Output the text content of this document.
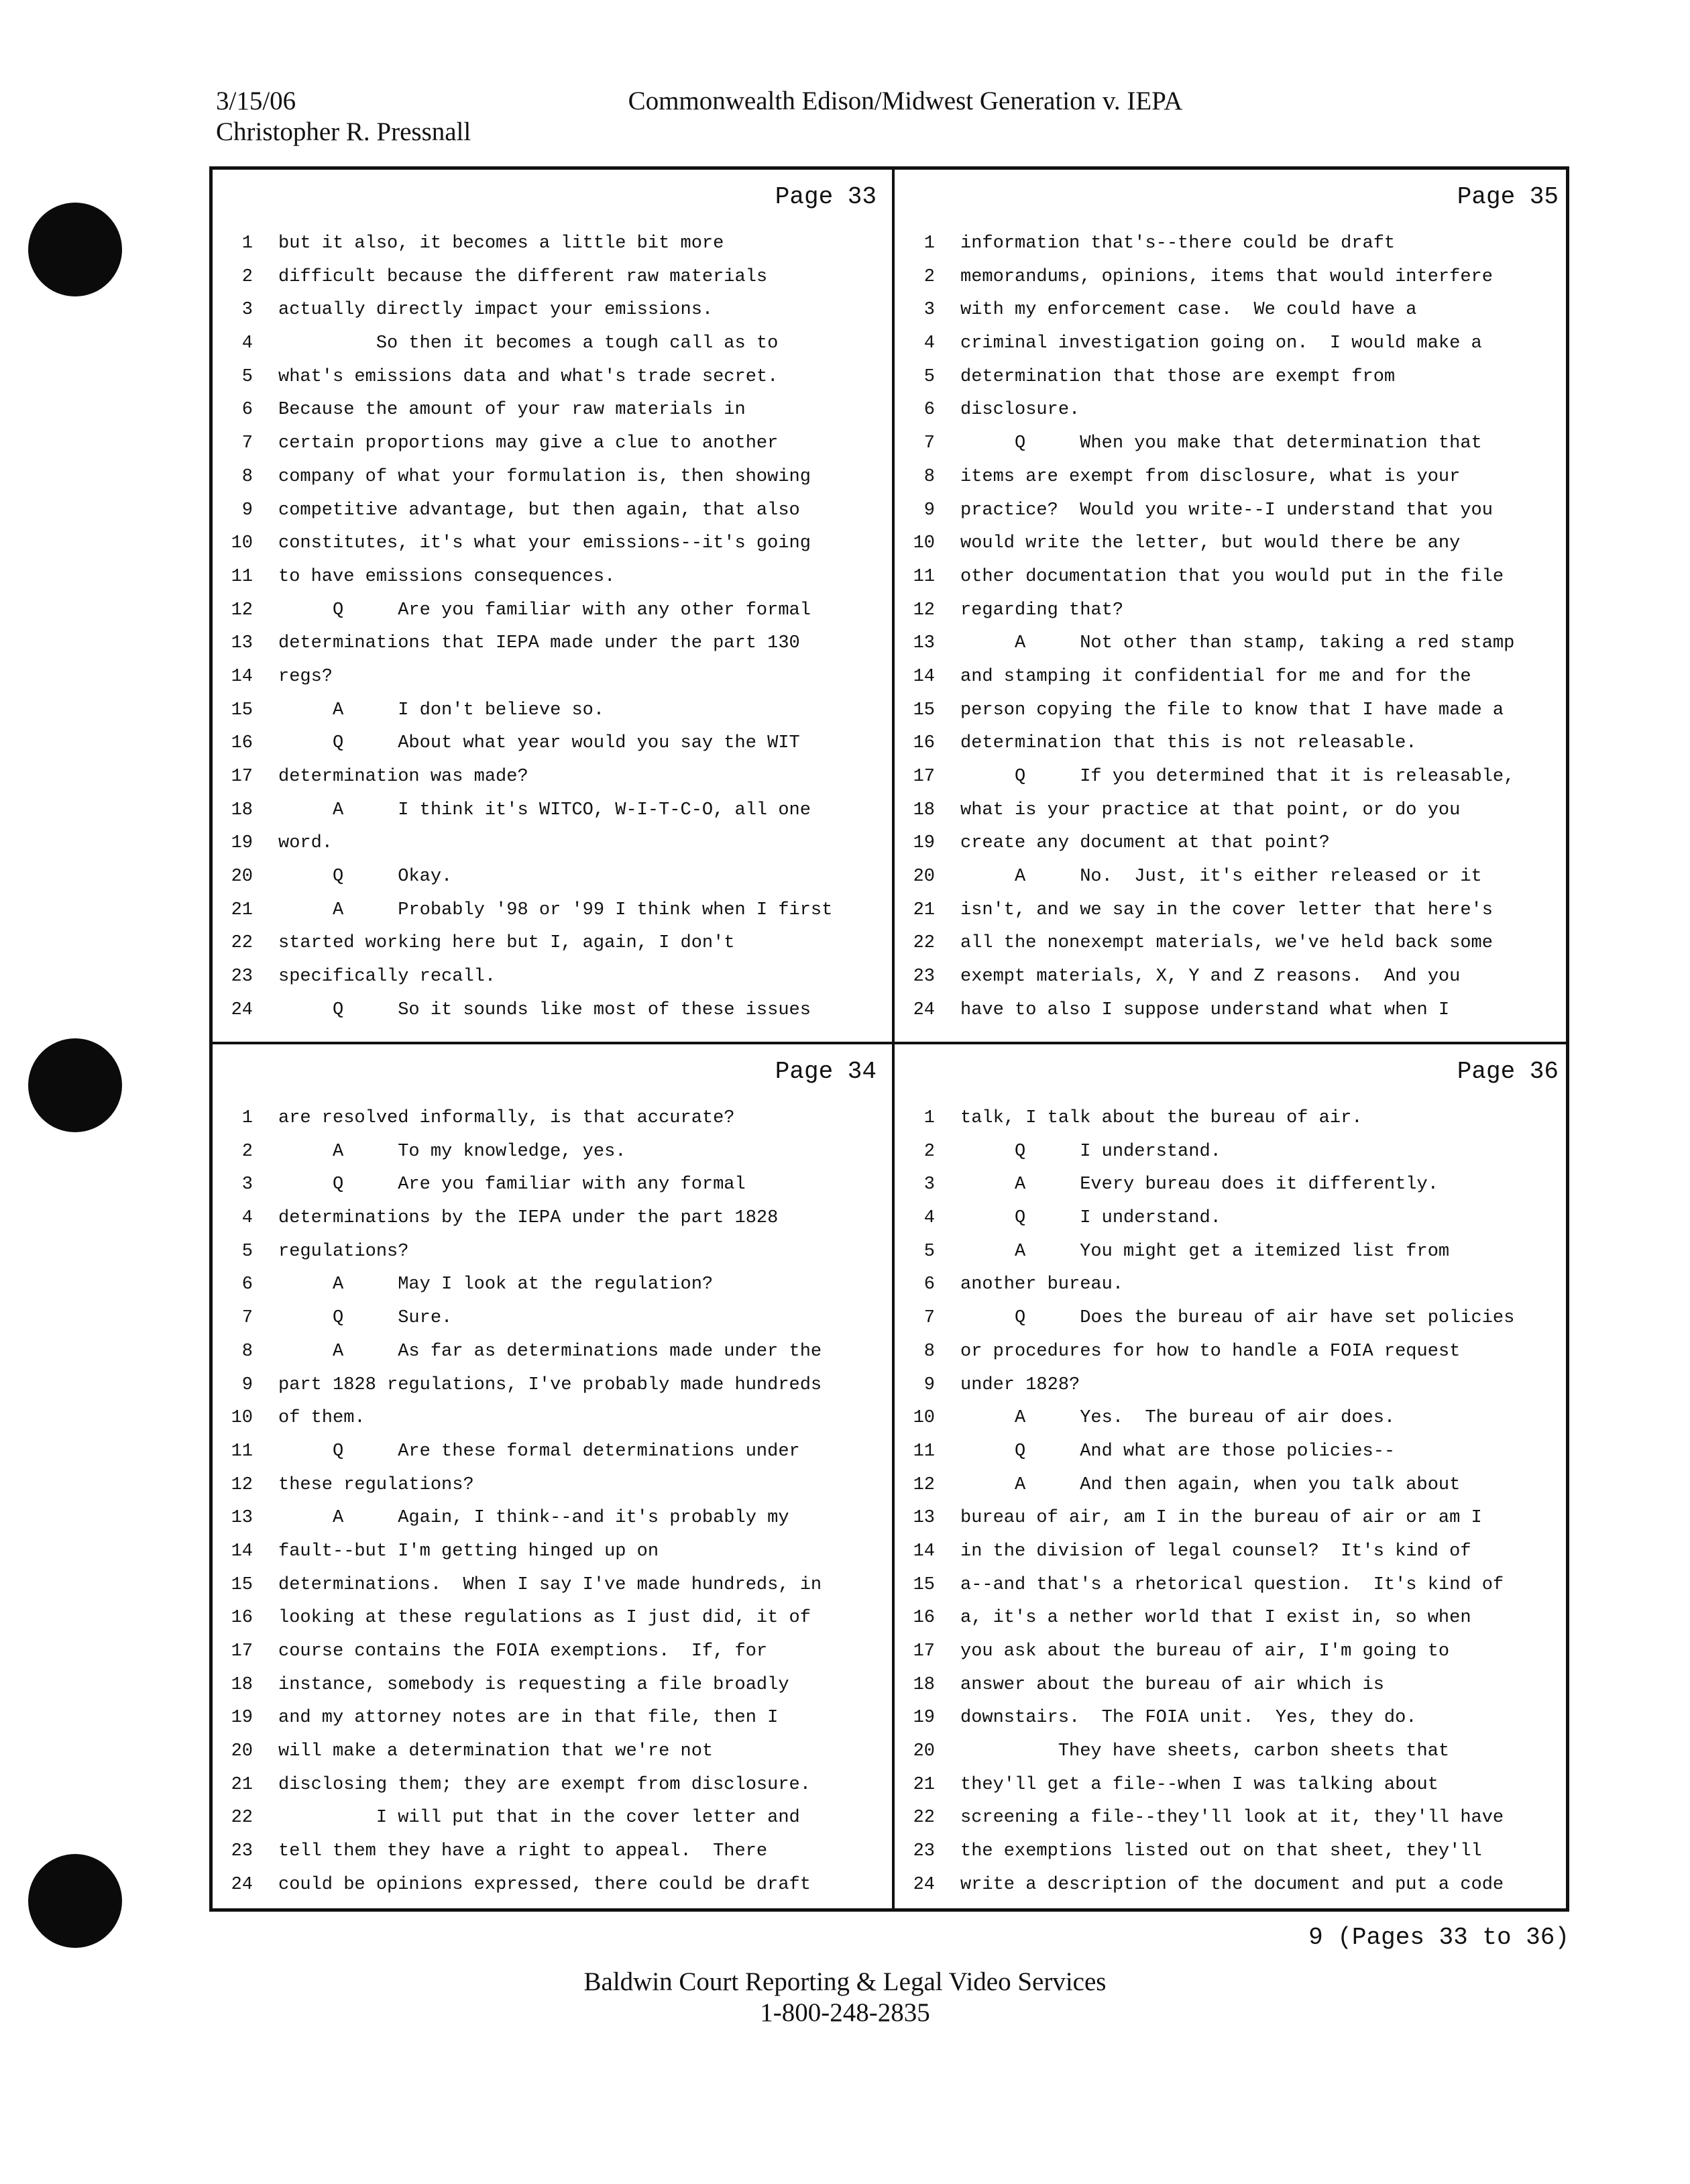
3/15/06
Christopher R. Pressnall
Commonwealth Edison/Midwest Generation v. IEPA
Page 33
1 but it also, it becomes a little bit more
2 difficult because the different raw materials
3 actually directly impact your emissions.
4 So then it becomes a tough call as to
5 what's emissions data and what's trade secret.
6 Because the amount of your raw materials in
7 certain proportions may give a clue to another
8 company of what your formulation is, then showing
9 competitive advantage, but then again, that also
10 constitutes, it's what your emissions--it's going
11 to have emissions consequences.
12 Q     Are you familiar with any other formal
13 determinations that IEPA made under the part 130
14 regs?
15 A     I don't believe so.
16 Q     About what year would you say the WIT
17 determination was made?
18 A     I think it's WITCO, W-I-T-C-O, all one
19 word.
20 Q     Okay.
21 A     Probably '98 or '99 I think when I first
22 started working here but I, again, I don't
23 specifically recall.
24 Q     So it sounds like most of these issues
Page 35
1 information that's--there could be draft
2 memorandums, opinions, items that would interfere
3 with my enforcement case.  We could have a
4 criminal investigation going on.  I would make a
5 determination that those are exempt from
6 disclosure.
7 Q     When you make that determination that
8 items are exempt from disclosure, what is your
9 practice?  Would you write--I understand that you
10 would write the letter, but would there be any
11 other documentation that you would put in the file
12 regarding that?
13 A     Not other than stamp, taking a red stamp
14 and stamping it confidential for me and for the
15 person copying the file to know that I have made a
16 determination that this is not releasable.
17 Q     If you determined that it is releasable,
18 what is your practice at that point, or do you
19 create any document at that point?
20 A     No.  Just, it's either released or it
21 isn't, and we say in the cover letter that here's
22 all the nonexempt materials, we've held back some
23 exempt materials, X, Y and Z reasons.  And you
24 have to also I suppose understand what when I
Page 34
1 are resolved informally, is that accurate?
2 A     To my knowledge, yes.
3 Q     Are you familiar with any formal
4 determinations by the IEPA under the part 1828
5 regulations?
6 A     May I look at the regulation?
7 Q     Sure.
8 A     As far as determinations made under the
9 part 1828 regulations, I've probably made hundreds
10 of them.
11 Q     Are these formal determinations under
12 these regulations?
13 A     Again, I think--and it's probably my
14 fault--but I'm getting hinged up on
15 determinations.  When I say I've made hundreds, in
16 looking at these regulations as I just did, it of
17 course contains the FOIA exemptions.  If, for
18 instance, somebody is requesting a file broadly
19 and my attorney notes are in that file, then I
20 will make a determination that we're not
21 disclosing them; they are exempt from disclosure.
22 I will put that in the cover letter and
23 tell them they have a right to appeal.  There
24 could be opinions expressed, there could be draft
Page 36
1 talk, I talk about the bureau of air.
2 Q     I understand.
3 A     Every bureau does it differently.
4 Q     I understand.
5 A     You might get a itemized list from
6 another bureau.
7 Q     Does the bureau of air have set policies
8 or procedures for how to handle a FOIA request
9 under 1828?
10 A     Yes.  The bureau of air does.
11 Q     And what are those policies--
12 A     And then again, when you talk about
13 bureau of air, am I in the bureau of air or am I
14 in the division of legal counsel?  It's kind of
15 a--and that's a rhetorical question.  It's kind of
16 a, it's a nether world that I exist in, so when
17 you ask about the bureau of air, I'm going to
18 answer about the bureau of air which is
19 downstairs.  The FOIA unit.  Yes, they do.
20 They have sheets, carbon sheets that
21 they'll get a file--when I was talking about
22 screening a file--they'll look at it, they'll have
23 the exemptions listed out on that sheet, they'll
24 write a description of the document and put a code
9 (Pages 33 to 36)
Baldwin Court Reporting & Legal Video Services
1-800-248-2835
